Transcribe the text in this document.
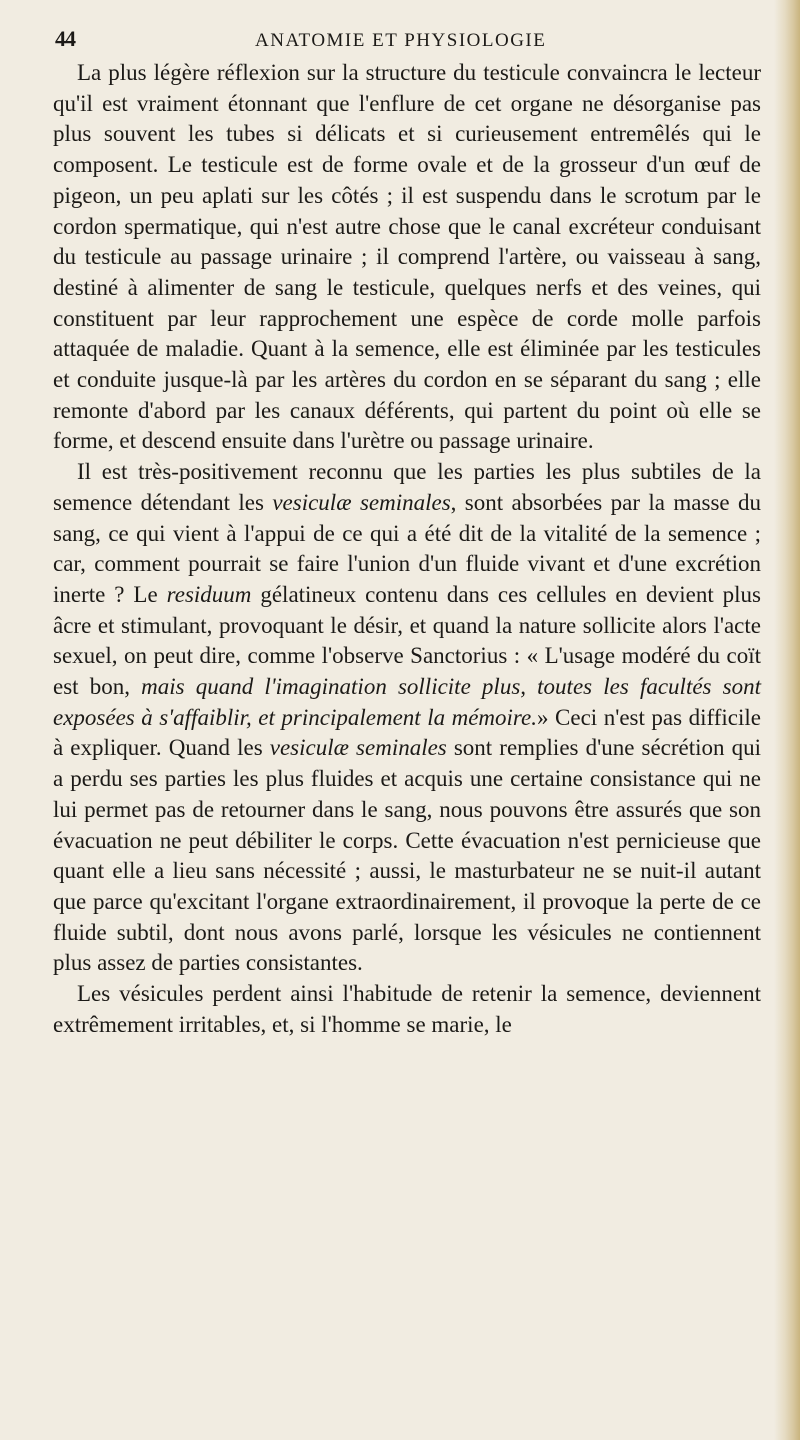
44	ANATOMIE ET PHYSIOLOGIE

La plus légère réflexion sur la structure du testicule convaincra le lecteur qu'il est vraiment étonnant que l'enflure de cet organe ne désorganise pas plus souvent les tubes si délicats et si curieusement entremêlés qui le composent. Le testicule est de forme ovale et de la grosseur d'un œuf de pigeon, un peu aplati sur les côtés ; il est suspendu dans le scrotum par le cordon spermatique, qui n'est autre chose que le canal excréteur conduisant du testicule au passage urinaire ; il comprend l'artère, ou vaisseau à sang, destiné à alimenter de sang le testicule, quelques nerfs et des veines, qui constituent par leur rapprochement une espèce de corde molle parfois attaquée de maladie. Quant à la semence, elle est éliminée par les testicules et conduite jusque-là par les artères du cordon en se séparant du sang ; elle remonte d'abord par les canaux déférents, qui partent du point où elle se forme, et descend ensuite dans l'urètre ou passage urinaire.

Il est très-positivement reconnu que les parties les plus subtiles de la semence détendant les vesiculæ seminales, sont absorbées par la masse du sang, ce qui vient à l'appui de ce qui a été dit de la vitalité de la semence ; car, comment pourrait se faire l'union d'un fluide vivant et d'une excrétion inerte ? Le residuum gélatineux contenu dans ces cellules en devient plus âcre et stimulant, provoquant le désir, et quand la nature sollicite alors l'acte sexuel, on peut dire, comme l'observe Sanctorius : « L'usage modéré du coït est bon, mais quand l'imagination sollicite plus, toutes les facultés sont exposées à s'affaiblir, et principalement la mémoire.» Ceci n'est pas difficile à expliquer. Quand les vesiculæ seminales sont remplies d'une sécrétion qui a perdu ses parties les plus fluides et acquis une certaine consistance qui ne lui permet pas de retourner dans le sang, nous pouvons être assurés que son évacuation ne peut débiliter le corps. Cette évacuation n'est pernicieuse que quant elle a lieu sans nécessité ; aussi, le masturbateur ne se nuit-il autant que parce qu'excitant l'organe extraordinairement, il provoque la perte de ce fluide subtil, dont nous avons parlé, lorsque les vésicules ne contiennent plus assez de parties consistantes.

Les vésicules perdent ainsi l'habitude de retenir la semence, deviennent extrêmement irritables, et, si l'homme se marie, le
